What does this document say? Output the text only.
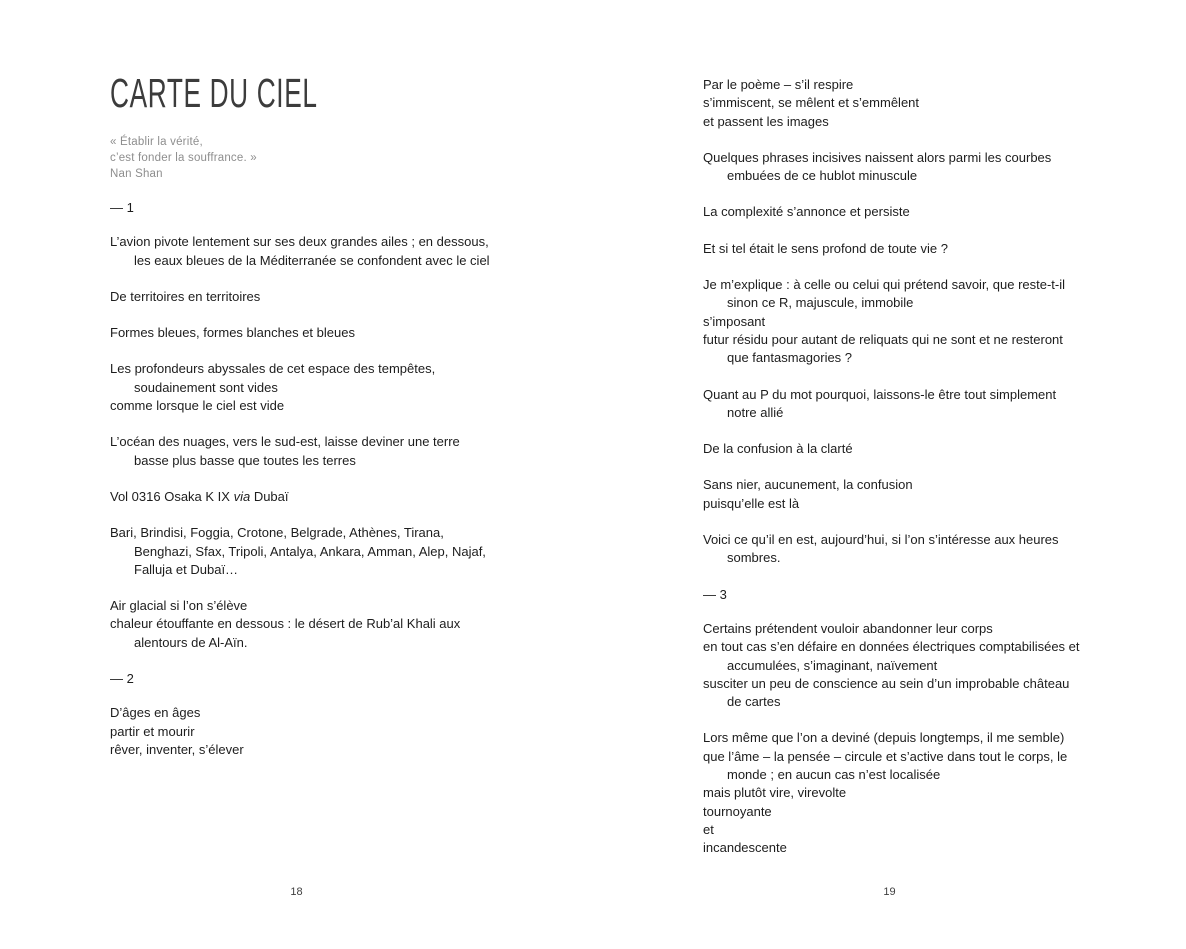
CARTE DU CIEL
« Établir la vérité,
c’est fonder la souffrance. »
Nan Shan
— 1
L’avion pivote lentement sur ses deux grandes ailes ; en dessous,
les eaux bleues de la Méditerranée se confondent avec le ciel
De territoires en territoires
Formes bleues, formes blanches et bleues
Les profondeurs abyssales de cet espace des tempêtes,
soudainement sont vides
comme lorsque le ciel est vide
L’océan des nuages, vers le sud-est, laisse deviner une terre
basse plus basse que toutes les terres
Vol 0316 Osaka K IX via Dubaï
Bari, Brindisi, Foggia, Crotone, Belgrade, Athènes, Tirana,
Benghazi, Sfax, Tripoli, Antalya, Ankara, Amman, Alep, Najaf,
Falluja et Dubaï…
Air glacial si l’on s’élève
chaleur étouffante en dessous : le désert de Rub’al Khali aux
alentours de Al-Aïn.
— 2
D’âges en âges
partir et mourir
rêver, inventer, s’élever
18
Par le poème – s’il respire
s’immiscent, se mêlent et s’emmêlent
et passent les images
Quelques phrases incisives naissent alors parmi les courbes
embuées de ce hublot minuscule
La complexité s’annonce et persiste
Et si tel était le sens profond de toute vie ?
Je m’explique : à celle ou celui qui prétend savoir, que reste-t-il
sinon ce R, majuscule, immobile
s’imposant
futur résidu pour autant de reliquats qui ne sont et ne resteront
que fantasmagories ?
Quant au P du mot pourquoi, laissons-le être tout simplement
notre allié
De la confusion à la clarté
Sans nier, aucunement, la confusion
puisqu’elle est là
Voici ce qu’il en est, aujourd’hui, si l’on s’intéresse aux heures
sombres.
— 3
Certains prétendent vouloir abandonner leur corps
en tout cas s’en défaire en données électriques comptabilisées et
accumulées, s’imaginant, naïvement
susciter un peu de conscience au sein d’un improbable château
de cartes
Lors même que l’on a deviné (depuis longtemps, il me semble)
que l’âme – la pensée – circule et s’active dans tout le corps, le
monde ; en aucun cas n’est localisée
mais plutôt vire, virevolte
tournoyante
et
incandescente
19
